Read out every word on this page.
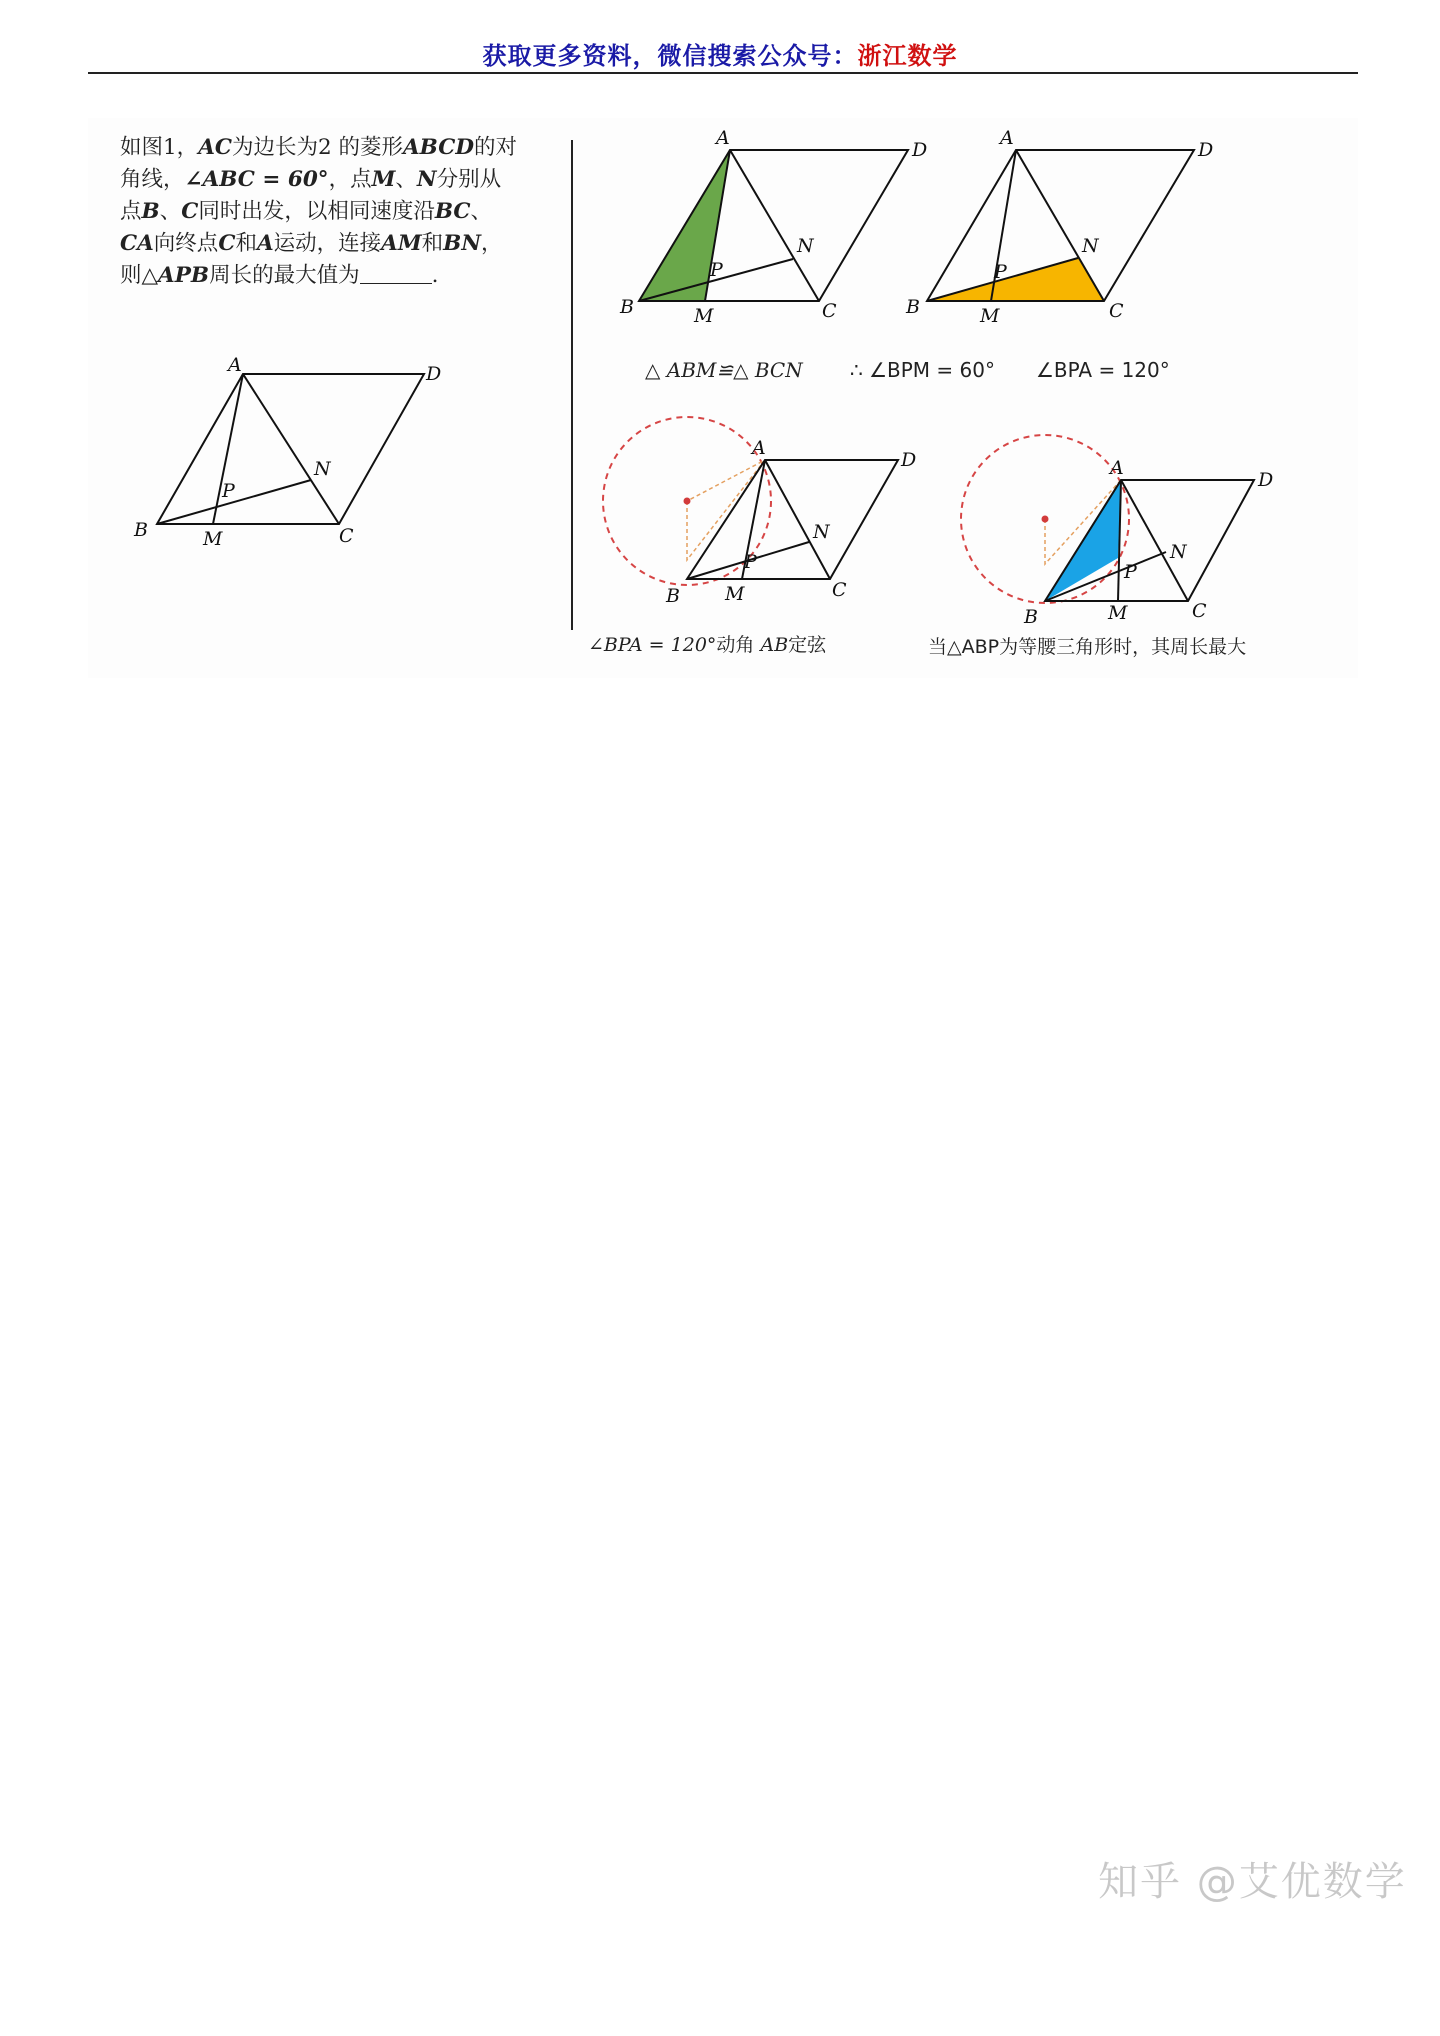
获取更多资料，微信搜索公众号：浙江数学
如图1，AC为边长为2 的菱形ABCD的对角线，∠ABC = 60°，点M、N分别从点B、C同时出发，以相同速度沿BC、CA向终点C和A运动，连接AM和BN，则△APB周长的最大值为	.
A	D
B	C
M
N
P
A
D
B	C
M
N
P
A
D
B	C
M
N
P
A
D
B	C
M
N
P
A
D
B	C
M
N
P
△ ABM≌△ BCN ∴ ∠BPM = 60° ∠BPA = 120°
∠BPA = 120°动角 AB定弦	当△ABP为等腰三角形时，其周长最大
知乎 @艾优数学
